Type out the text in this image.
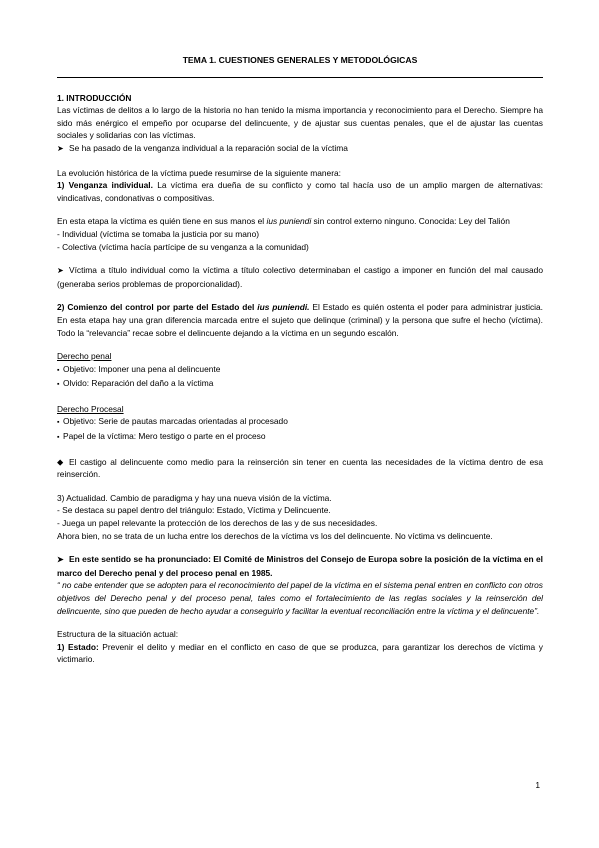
TEMA 1. CUESTIONES GENERALES Y METODOLÓGICAS

1. INTRODUCCIÓN

Las víctimas de delitos a lo largo de la historia no han tenido la misma importancia y reconocimiento para el Derecho. Siempre ha sido más enérgico el empeño por ocuparse del delincuente, y de ajustar sus cuentas penales, que el de ajustar las cuentas sociales y solidarias con las víctimas.

➤ Se ha pasado de la venganza individual a la reparación social de la víctima

La evolución histórica de la víctima puede resumirse de la siguiente manera:

1) Venganza individual. La víctima era dueña de su conflicto y como tal hacía uso de un amplio margen de alternativas: vindicativas, condonativas o compositivas.

En esta etapa la víctima es quién tiene en sus manos el ius puniendi sin control externo ninguno. Conocida: Ley del Talión

- Individual (víctima se tomaba la justicia por su mano)

- Colectiva (víctima hacía partícipe de su venganza a la comunidad)

➤ Víctima a título individual como la víctima a título colectivo determinaban el castigo a imponer en función del mal causado (generaba serios problemas de proporcionalidad).

2) Comienzo del control por parte del Estado del ius puniendi. El Estado es quién ostenta el poder para administrar justicia. En esta etapa hay una gran diferencia marcada entre el sujeto que delinque (criminal) y la persona que sufre el hecho (víctima). Todo la “relevancia” recae sobre el delincuente dejando a la víctima en un segundo escalón.

Derecho penal

▪ Objetivo: Imponer una pena al delincuente

▪ Olvido: Reparación del daño a la víctima

Derecho Procesal

▪ Objetivo: Serie de pautas marcadas orientadas al procesado

▪ Papel de la víctima: Mero testigo o parte en el proceso

⬥ El castigo al delincuente como medio para la reinserción sin tener en cuenta las necesidades de la víctima dentro de esa reinserción.

3) Actualidad. Cambio de paradigma y hay una nueva visión de la víctima.

- Se destaca su papel dentro del triángulo: Estado, Víctima y Delincuente.

- Juega un papel relevante la protección de los derechos de las y de sus necesidades.

Ahora bien, no se trata de un lucha entre los derechos de la víctima vs los del delincuente. No víctima vs delincuente.

➤ En este sentido se ha pronunciado: El Comité de Ministros del Consejo de Europa sobre la posición de la víctima en el marco del Derecho penal y del proceso penal en 1985.

“ no cabe entender que se adopten para el reconocimiento del papel de la víctima en el sistema penal entren en conflicto con otros objetivos del Derecho penal y del proceso penal, tales como el fortalecimiento de las reglas sociales y la reinserción del delincuente, sino que pueden de hecho ayudar a conseguirlo y facilitar la eventual reconciliación entre la víctima y el delincuente”.

Estructura de la situación actual:

1) Estado: Prevenir el delito y mediar en el conflicto en caso de que se produzca, para garantizar los derechos de víctima y victimario.

1
